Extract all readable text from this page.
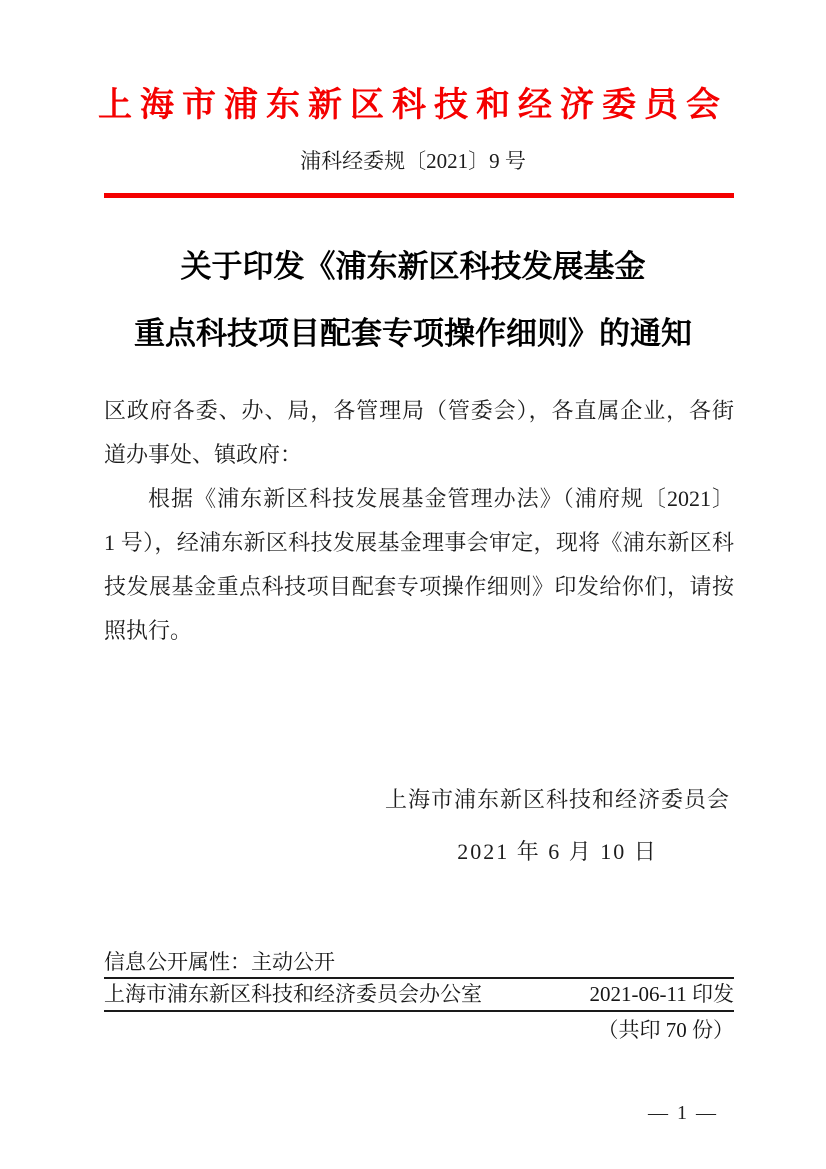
上海市浦东新区科技和经济委员会
浦科经委规〔2021〕9 号
关于印发《浦东新区科技发展基金
重点科技项目配套专项操作细则》的通知
区政府各委、办、局，各管理局（管委会），各直属企业，各街
道办事处、镇政府：
根据《浦东新区科技发展基金管理办法》（浦府规〔2021〕
1 号），经浦东新区科技发展基金理事会审定，现将《浦东新区科
技发展基金重点科技项目配套专项操作细则》印发给你们，请按
照执行。
上海市浦东新区科技和经济委员会
2021 年 6 月 10 日
信息公开属性：主动公开
上海市浦东新区科技和经济委员会办公室	2021-06-11 印发
（共印 70 份）
— 1 —
